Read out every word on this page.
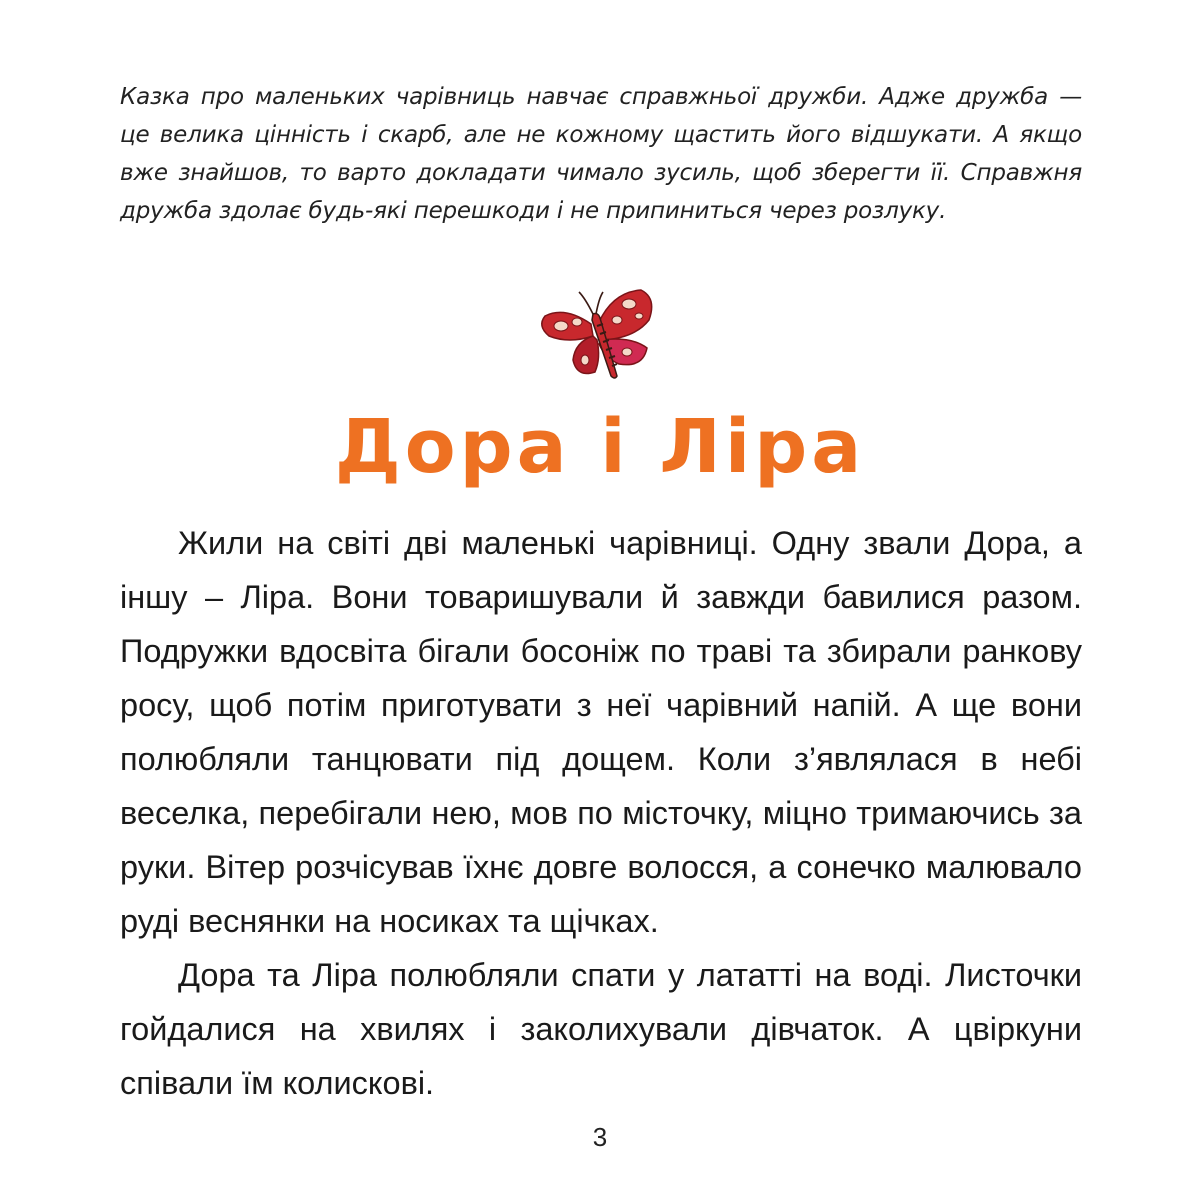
Казка про маленьких чарівниць навчає справжньої дружби. Адже дружба — це велика цінність і скарб, але не кожному щастить його відшукати. А якщо вже знайшов, то варто докладати чимало зусиль, щоб зберегти її. Справжня дружба здолає будь-які перешкоди і не припиниться через розлуку.

Дора і Ліра

Жили на світі дві маленькі чарівниці. Одну звали Дора, а іншу – Ліра. Вони товаришували й завжди бавилися разом. Подружки вдосвіта бігали босоніж по траві та збирали ранкову росу, щоб потім приготувати з неї чарівний напій. А ще вони полюбляли танцювати під дощем. Коли з’являлася в небі веселка, перебігали нею, мов по місточку, міцно тримаючись за руки. Вітер розчісував їхнє довге волосся, а сонечко малювало руді веснянки на носиках та щічках.

Дора та Ліра полюбляли спати у лататті на воді. Листочки гойдалися на хвилях і заколихували дівчаток. А цвіркуни співали їм колискові.

3
